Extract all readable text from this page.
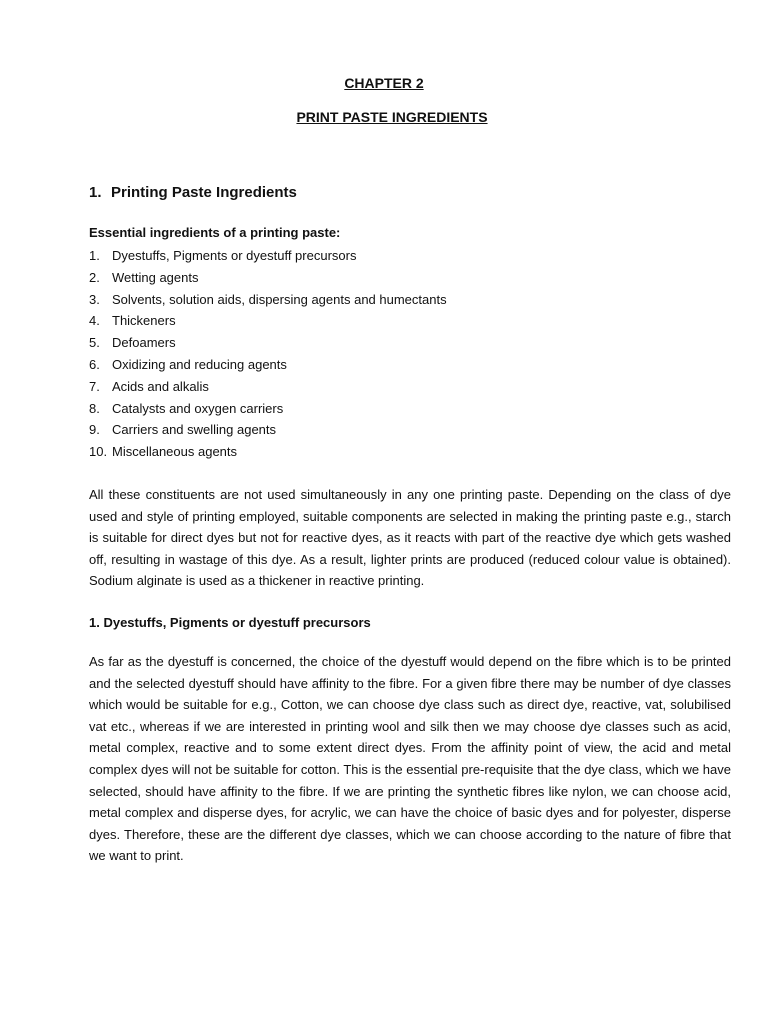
CHAPTER 2
PRINT PASTE INGREDIENTS
1. Printing Paste Ingredients
Essential ingredients of a printing paste:
1. Dyestuffs, Pigments or dyestuff precursors
2. Wetting agents
3. Solvents, solution aids, dispersing agents and humectants
4. Thickeners
5. Defoamers
6. Oxidizing and reducing agents
7. Acids and alkalis
8. Catalysts and oxygen carriers
9. Carriers and swelling agents
10. Miscellaneous agents

All these constituents are not used simultaneously in any one printing paste. Depending on the class of dye used and style of printing employed, suitable components are selected in making the printing paste e.g., starch is suitable for direct dyes but not for reactive dyes, as it reacts with part of the reactive dye which gets washed off, resulting in wastage of this dye. As a result, lighter prints are produced (reduced colour value is obtained). Sodium alginate is used as a thickener in reactive printing.

1. Dyestuffs, Pigments or dyestuff precursors

As far as the dyestuff is concerned, the choice of the dyestuff would depend on the fibre which is to be printed and the selected dyestuff should have affinity to the fibre. For a given fibre there may be number of dye classes which would be suitable for e.g., Cotton, we can choose dye class such as direct dye, reactive, vat, solubilised vat etc., whereas if we are interested in printing wool and silk then we may choose dye classes such as acid, metal complex, reactive and to some extent direct dyes. From the affinity point of view, the acid and metal complex dyes will not be suitable for cotton. This is the essential pre-requisite that the dye class, which we have selected, should have affinity to the fibre. If we are printing the synthetic fibres like nylon, we can choose acid, metal complex and disperse dyes, for acrylic, we can have the choice of basic dyes and for polyester, disperse dyes. Therefore, these are the different dye classes, which we can choose according to the nature of fibre that we want to print.
